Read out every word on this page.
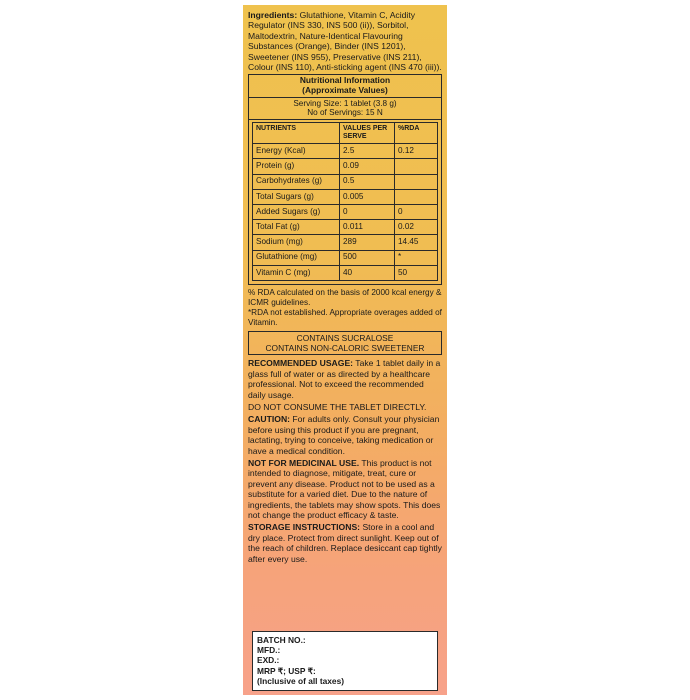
Ingredients: Glutathione, Vitamin C, Acidity Regulator (INS 330, INS 500 (ii)), Sorbitol, Maltodextrin, Nature-Identical Flavouring Substances (Orange), Binder (INS 1201), Sweetener (INS 955), Preservative (INS 211), Colour (INS 110), Anti-sticking agent (INS 470 (iii)).

Nutritional Information
(Approximate Values)
Serving Size: 1 tablet (3.8 g)
No of Servings: 15 N
NUTRIENTS	VALUES PER SERVE	%RDA
Energy (Kcal)	2.5	0.12
Protein (g)	0.09	
Carbohydrates (g)	0.5	
Total Sugars (g)	0.005	
Added Sugars (g)	0	0
Total Fat (g)	0.011	0.02
Sodium (mg)	289	14.45
Glutathione (mg)	500	*
Vitamin C (mg)	40	50
% RDA calculated on the basis of 2000 kcal energy & ICMR guidelines.
*RDA not established. Appropriate overages added of Vitamin.
CONTAINS SUCRALOSE
CONTAINS NON-CALORIC SWEETENER

RECOMMENDED USAGE: Take 1 tablet daily in a glass full of water or as directed by a healthcare professional. Not to exceed the recommended daily usage.

DO NOT CONSUME THE TABLET DIRECTLY.

CAUTION: For adults only. Consult your physician before using this product if you are pregnant, lactating, trying to conceive, taking medication or have a medical condition.

NOT FOR MEDICINAL USE. This product is not intended to diagnose, mitigate, treat, cure or prevent any disease. Product not to be used as a substitute for a varied diet. Due to the nature of ingredients, the tablets may show spots. This does not change the product efficacy & taste.

STORAGE INSTRUCTIONS: Store in a cool and dry place. Protect from direct sunlight. Keep out of the reach of children. Replace desiccant cap tightly after every use.

BATCH NO.:
MFD.:
EXD.:
MRP ₹; USP ₹:
(Inclusive of all taxes)
